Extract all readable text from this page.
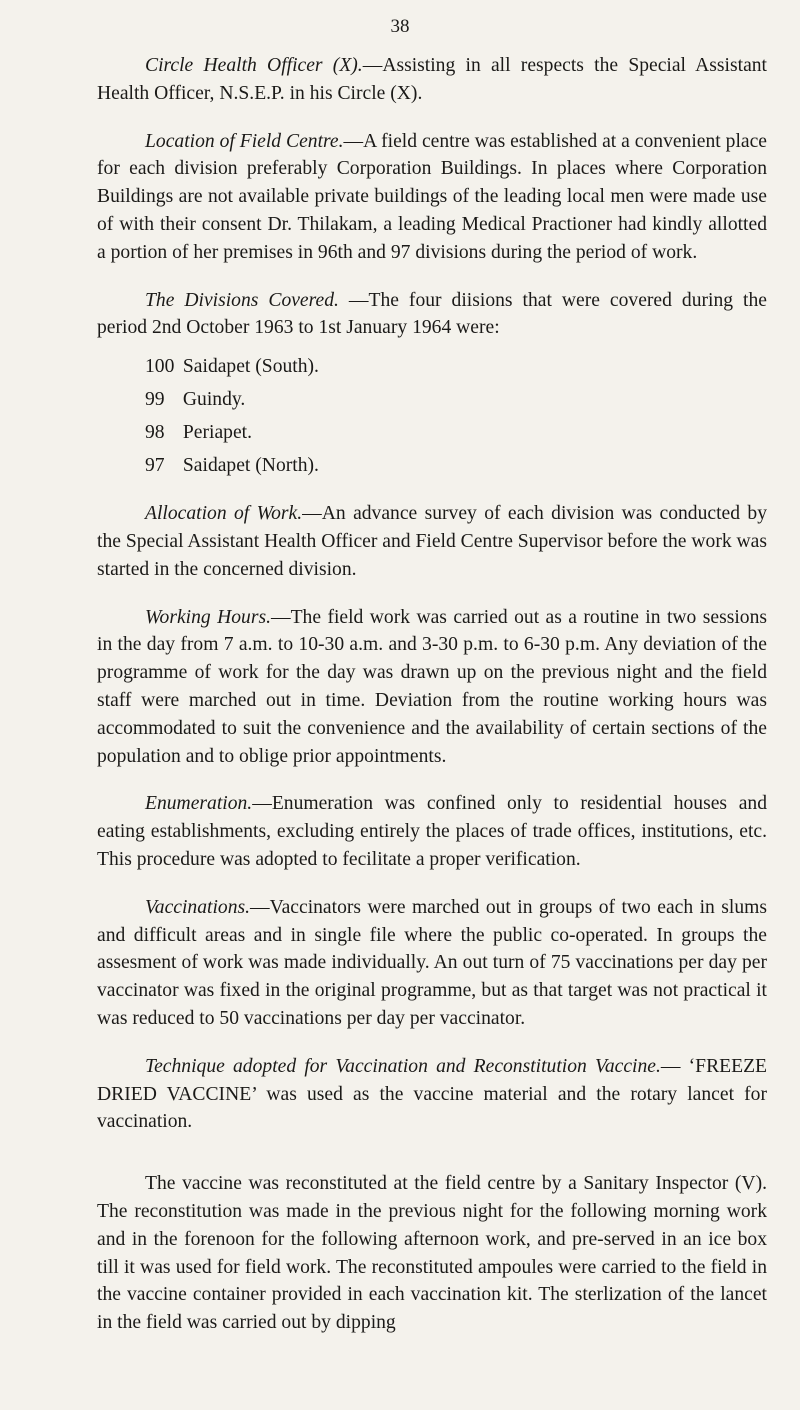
38

Circle Health Officer (X).—Assisting in all respects the Special Assistant Health Officer, N.S.E.P. in his Circle (X).

Location of Field Centre.—A field centre was established at a convenient place for each division preferably Corporation Buildings. In places where Corporation Buildings are not available private buildings of the leading local men were made use of with their consent Dr. Thilakam, a leading Medical Practioner had kindly allotted a portion of her premises in 96th and 97 divisions during the period of work.

The Divisions Covered. —The four diisions that were covered during the period 2nd October 1963 to 1st January 1964 were:

100 Saidapet (South).
99 Guindy.
98 Periapet.
97 Saidapet (North).

Allocation of Work.—An advance survey of each division was conducted by the Special Assistant Health Officer and Field Centre Supervisor before the work was started in the concerned division.

Working Hours.—The field work was carried out as a routine in two sessions in the day from 7 a.m. to 10-30 a.m. and 3-30 p.m. to 6-30 p.m. Any deviation of the programme of work for the day was drawn up on the previous night and the field staff were marched out in time. Deviation from the routine working hours was accommodated to suit the convenience and the availability of certain sections of the population and to oblige prior appointments.

Enumeration.—Enumeration was confined only to residential houses and eating establishments, excluding entirely the places of trade offices, institutions, etc. This procedure was adopted to fecilitate a proper verification.

Vaccinations.—Vaccinators were marched out in groups of two each in slums and difficult areas and in single file where the public co-operated. In groups the assesment of work was made individually. An out turn of 75 vaccinations per day per vaccinator was fixed in the original programme, but as that target was not practical it was reduced to 50 vaccinations per day per vaccinator.

Technique adopted for Vaccination and Reconstitution Vaccine.— ‘FREEZE DRIED VACCINE’ was used as the vaccine material and the rotary lancet for vaccination.

The vaccine was reconstituted at the field centre by a Sanitary Inspector (V). The reconstitution was made in the previous night for the following morning work and in the forenoon for the following afternoon work, and pre-served in an ice box till it was used for field work. The reconstituted ampoules were carried to the field in the vaccine container provided in each vaccination kit. The sterlization of the lancet in the field was carried out by dipping
